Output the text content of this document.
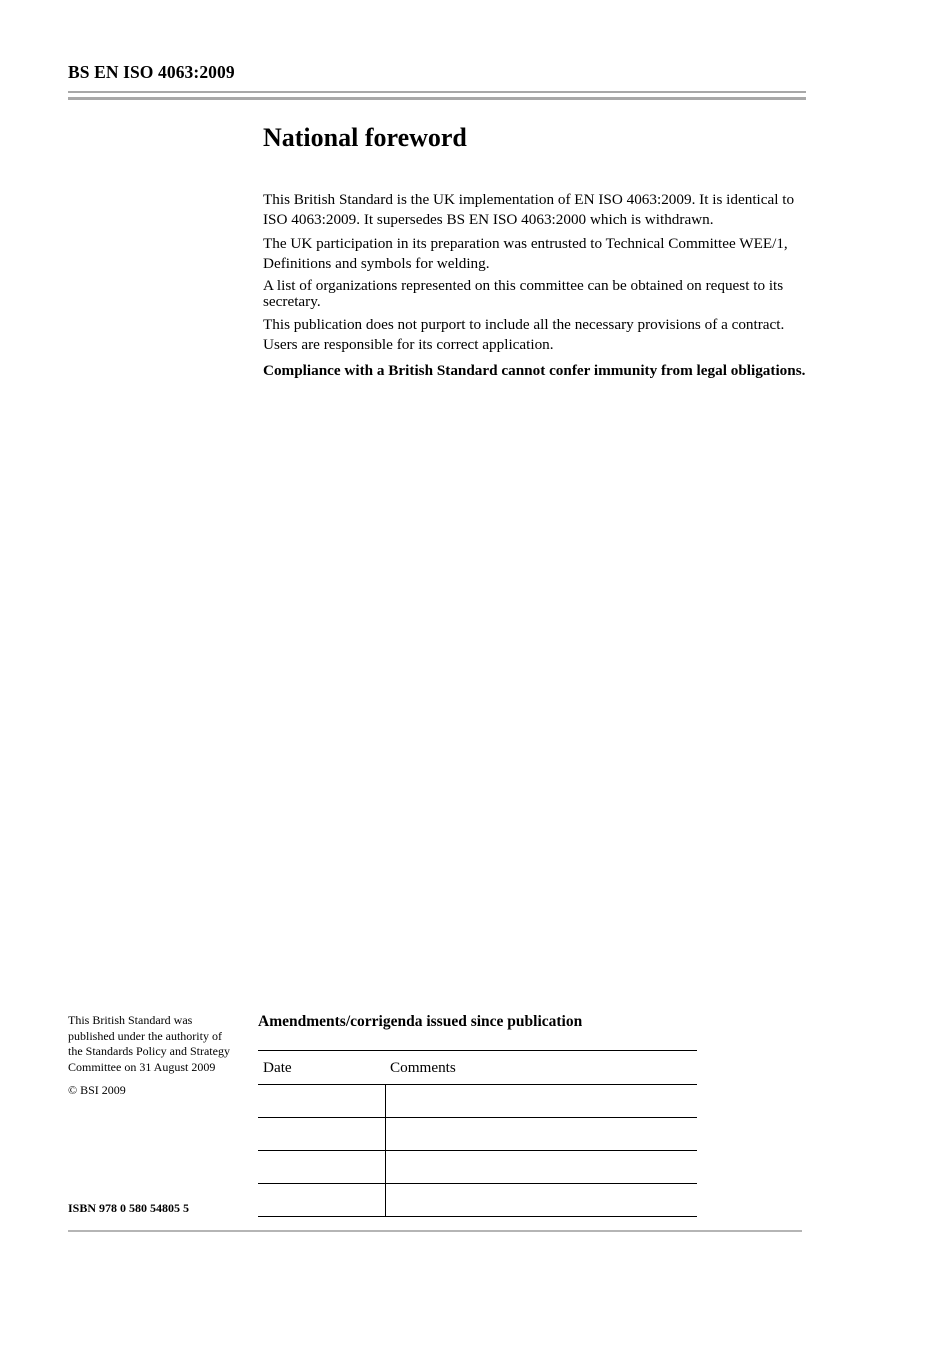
BS EN ISO 4063:2009
National foreword

This British Standard is the UK implementation of EN ISO 4063:2009. It is identical to ISO 4063:2009. It supersedes BS EN ISO 4063:2000 which is withdrawn.

The UK participation in its preparation was entrusted to Technical Committee WEE/1, Definitions and symbols for welding.

A list of organizations represented on this committee can be obtained on request to its secretary.

This publication does not purport to include all the necessary provisions of a contract. Users are responsible for its correct application.

Compliance with a British Standard cannot confer immunity from legal obligations.

This British Standard was published under the authority of the Standards Policy and Strategy Committee on 31 August 2009

© BSI 2009

ISBN 978 0 580 54805 5
Amendments/corrigenda issued since publication
Date	Comments
